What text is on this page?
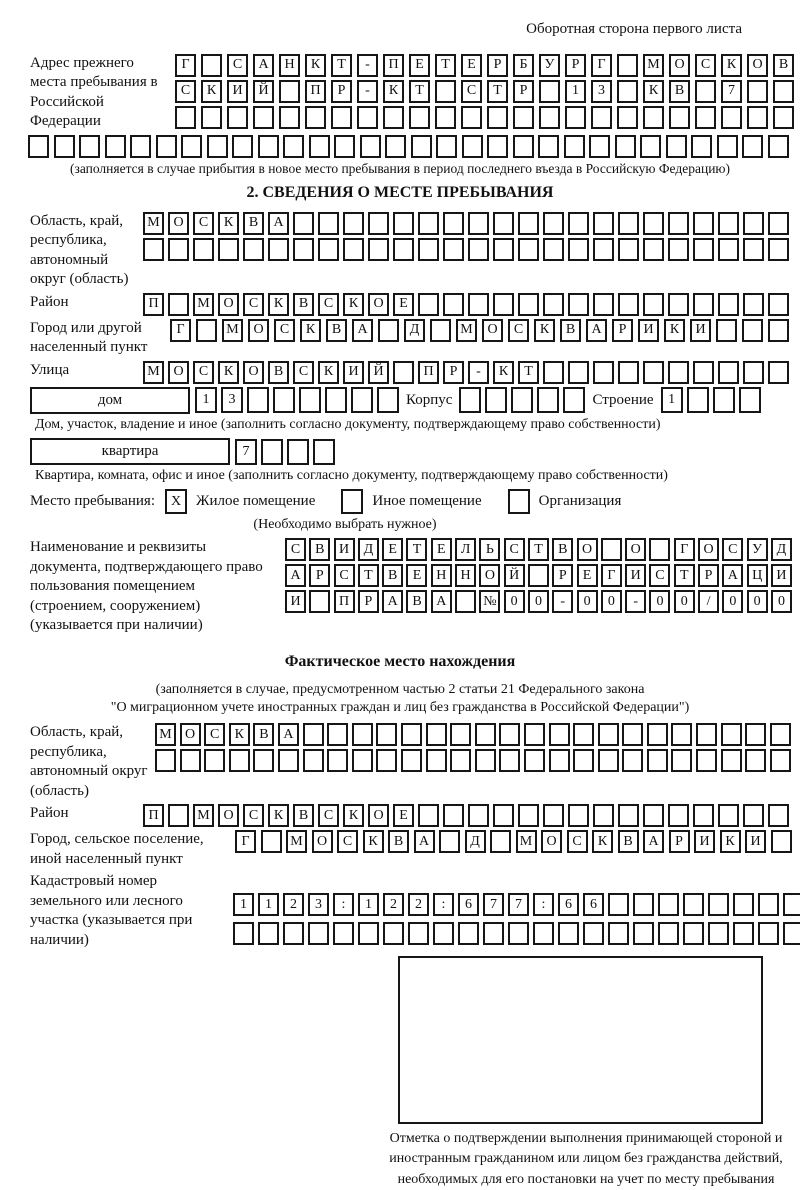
Оборотная сторона первого листа
Адрес прежнего места пребывания в Российской Федерации
Г	С	А	Н	К	Т	-	П	Е	Т	Е	Р	Б	У	Р	Г	М	О	С	К	О	В
С	К	И	Й	П	Р	-	К	Т	С	Т	Р	1	3	К	В	7
(заполняется в случае прибытия в новое место пребывания в период последнего въезда в Российскую Федерацию)
2. СВЕДЕНИЯ О МЕСТЕ ПРЕБЫВАНИЯ
Область, край, республика, автономный округ (область)
М О	С	К	В	А
Район	П	М О	С	К	В	С	К	О	Е
Город или другой населенный пункт
Г	М	О	С	К	В	А	Д	М	О	С	К	В	А	Р	И	К	И
Улица	М О	С	К	О	В	С	К	И	Й	П	Р	-	К	Т
дом	1	3	Корпус	Строение	1
Дом, участок, владение и иное (заполнить согласно документу, подтверждающему право собственности)
квартира	7
Квартира, комната, офис и иное (заполнить согласно документу, подтверждающему право собственности)
Место пребывания:	X Жилое помещение	Иное помещение	Организация
(Необходимо выбрать нужное)
Наименование и реквизиты документа, подтверждающего право пользования помещением (строением, сооружением) (указывается при наличии)
С	В	И	Д	Е	Т	Е	Л	Ь	С	Т	В	О	О	Г	О	С	У	Д
А	Р	С	Т	В	Е	Н	Н	О	Й	Р	Е	Г	И	С	Т	Р	А	Ц	И
И	П	Р	А	В	А	№	0	0	-	0	0	-	0	0	/	0	0	0
Фактическое место нахождения
(заполняется в случае, предусмотренном частью 2 статьи 21 Федерального закона
"О миграционном учете иностранных граждан и лиц без гражданства в Российской Федерации")
Область, край, республика, автономный округ (область)
М О	С	К	В	А
Район	П	М О	С	К	В	С	К	О	Е
Город, сельское поселение, иной населенный пункт
Г	М	О	С	К	В	А	Д	М	О	С	К	В	А	Р	И	К	И
Кадастровый номер земельного или лесного участка (указывается при наличии)
1	1	2	3	:	1	2	2	:	6	7	7	:	6	6
Отметка о подтверждении выполнения принимающей стороной и иностранным гражданином или лицом без гражданства действий, необходимых для его постановки на учет по месту пребывания
